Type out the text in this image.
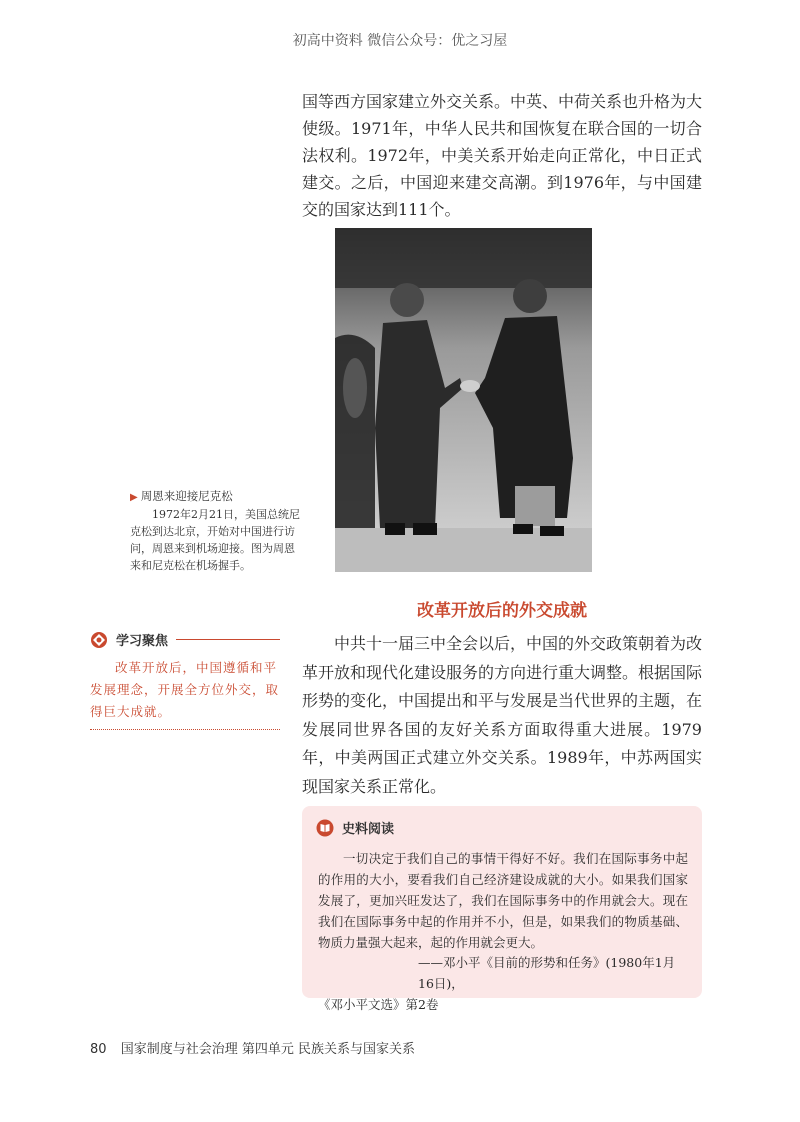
初高中资料 微信公众号：优之习屋

国等西方国家建立外交关系。中英、中荷关系也升格为大使级。1971年，中华人民共和国恢复在联合国的一切合法权利。1972年，中美关系开始走向正常化，中日正式建交。之后，中国迎来建交高潮。到1976年，与中国建交的国家达到111个。

▶ 周恩来迎接尼克松
1972年2月21日，美国总统尼克松到达北京，开始对中国进行访问，周恩来到机场迎接。图为周恩来和尼克松在机场握手。
改革开放后的外交成就
学习聚焦
改革开放后，中国遵循和平发展理念，开展全方位外交，取得巨大成就。

中共十一届三中全会以后，中国的外交政策朝着为改革开放和现代化建设服务的方向进行重大调整。根据国际形势的变化，中国提出和平与发展是当代世界的主题，在发展同世界各国的友好关系方面取得重大进展。1979年，中美两国正式建立外交关系。1989年，中苏两国实现国家关系正常化。

史料阅读

一切决定于我们自己的事情干得好不好。我们在国际事务中起的作用的大小，要看我们自己经济建设成就的大小。如果我们国家发展了，更加兴旺发达了，我们在国际事务中的作用就会大。现在我们在国际事务中起的作用并不小，但是，如果我们的物质基础、物质力量强大起来，起的作用就会更大。

——邓小平《目前的形势和任务》(1980年1月16日)，
《邓小平文选》第2卷
80 国家制度与社会治理 第四单元 民族关系与国家关系
